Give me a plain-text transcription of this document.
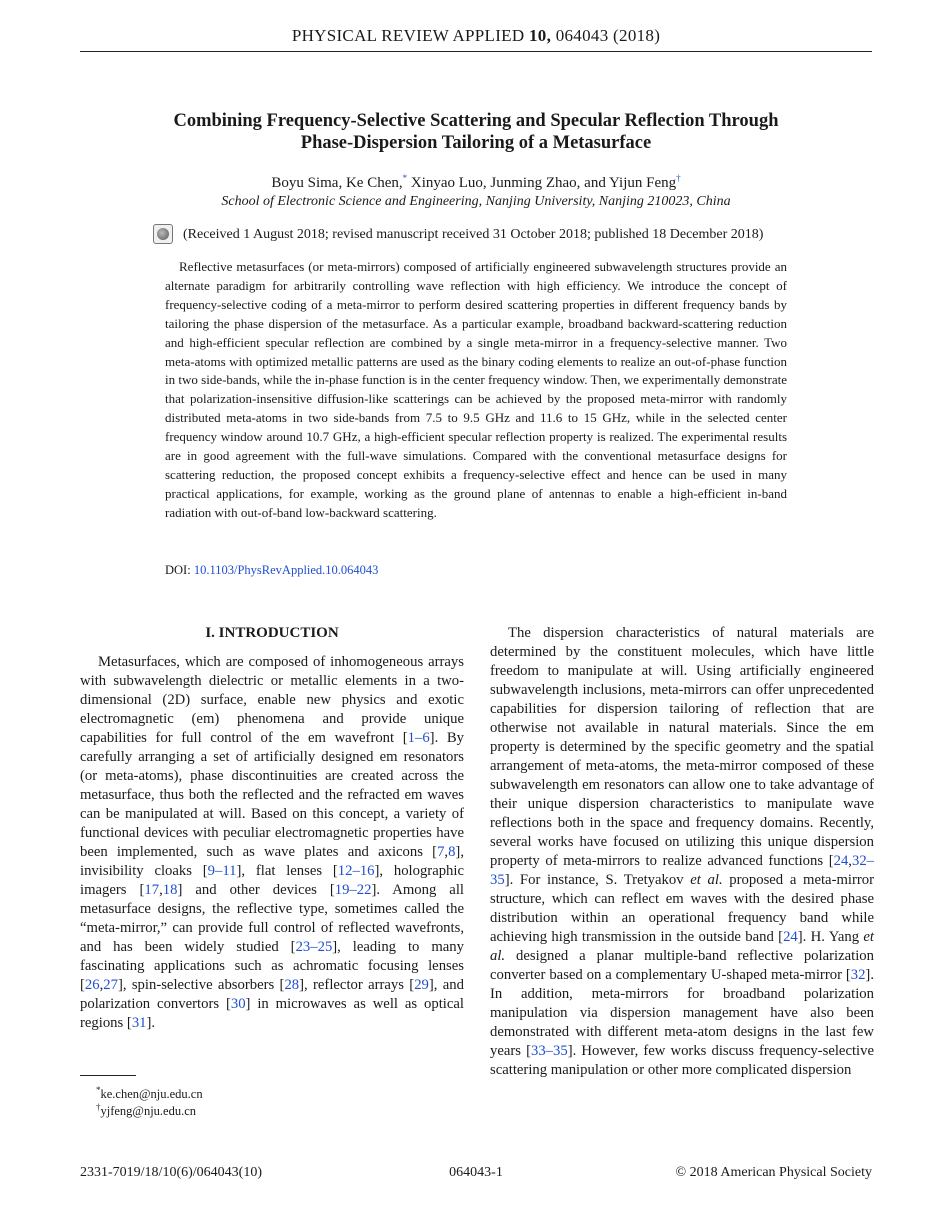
PHYSICAL REVIEW APPLIED 10, 064043 (2018)
Combining Frequency-Selective Scattering and Specular Reflection Through
Phase-Dispersion Tailoring of a Metasurface
Boyu Sima, Ke Chen,* Xinyao Luo, Junming Zhao, and Yijun Feng†
School of Electronic Science and Engineering, Nanjing University, Nanjing 210023, China
(Received 1 August 2018; revised manuscript received 31 October 2018; published 18 December 2018)

Reflective metasurfaces (or meta-mirrors) composed of artificially engineered subwavelength structures provide an alternate paradigm for arbitrarily controlling wave reflection with high efficiency. We introduce the concept of frequency-selective coding of a meta-mirror to perform desired scattering properties in different frequency bands by tailoring the phase dispersion of the metasurface. As a particular example, broadband backward-scattering reduction and high-efficient specular reflection are combined by a single meta-mirror in a frequency-selective manner. Two meta-atoms with optimized metallic patterns are used as the binary coding elements to realize an out-of-phase function in two side-bands, while the in-phase function is in the center frequency window. Then, we experimentally demonstrate that polarization-insensitive diffusion-like scatterings can be achieved by the proposed meta-mirror with randomly distributed meta-atoms in two side-bands from 7.5 to 9.5 GHz and 11.6 to 15 GHz, while in the selected center frequency window around 10.7 GHz, a high-efficient specular reflection property is realized. The experimental results are in good agreement with the full-wave simulations. Compared with the conventional metasurface designs for scattering reduction, the proposed concept exhibits a frequency-selective effect and hence can be used in many practical applications, for example, working as the ground plane of antennas to enable a high-efficient in-band radiation with out-of-band low-backward scattering.

DOI: 10.1103/PhysRevApplied.10.064043
I. INTRODUCTION

Metasurfaces, which are composed of inhomogeneous arrays with subwavelength dielectric or metallic elements in a two-dimensional (2D) surface, enable new physics and exotic electromagnetic (em) phenomena and provide unique capabilities for full control of the em wavefront [1–6]. By carefully arranging a set of artificially designed em resonators (or meta-atoms), phase discontinuities are created across the metasurface, thus both the reflected and the refracted em waves can be manipulated at will. Based on this concept, a variety of functional devices with peculiar electromagnetic properties have been implemented, such as wave plates and axicons [7,8], invisibility cloaks [9–11], flat lenses [12–16], holographic imagers [17,18] and other devices [19–22]. Among all metasurface designs, the reflective type, sometimes called the “meta-mirror,” can provide full control of reflected wavefronts, and has been widely studied [23–25], leading to many fascinating applications such as achromatic focusing lenses [26,27], spin-selective absorbers [28], reflector arrays [29], and polarization convertors [30] in microwaves as well as optical regions [31].

The dispersion characteristics of natural materials are determined by the constituent molecules, which have little freedom to manipulate at will. Using artificially engineered subwavelength inclusions, meta-mirrors can offer unprecedented capabilities for dispersion tailoring of reflection that are otherwise not available in natural materials. Since the em property is determined by the specific geometry and the spatial arrangement of meta-atoms, the meta-mirror composed of these subwavelength em resonators can allow one to take advantage of their unique dispersion characteristics to manipulate wave reflections both in the space and frequency domains. Recently, several works have focused on utilizing this unique dispersion property of meta-mirrors to realize advanced functions [24,32–35]. For instance, S. Tretyakov et al. proposed a meta-mirror structure, which can reflect em waves with the desired phase distribution within an operational frequency band while achieving high transmission in the outside band [24]. H. Yang et al. designed a planar multiple-band reflective polarization converter based on a complementary U-shaped meta-mirror [32]. In addition, meta-mirrors for broadband polarization manipulation via dispersion management have also been demonstrated with different meta-atom designs in the last few years [33–35]. However, few works discuss frequency-selective scattering manipulation or other more complicated dispersion

*ke.chen@nju.edu.cn
†yjfeng@nju.edu.cn
2331-7019/18/10(6)/064043(10)	064043-1	© 2018 American Physical Society
